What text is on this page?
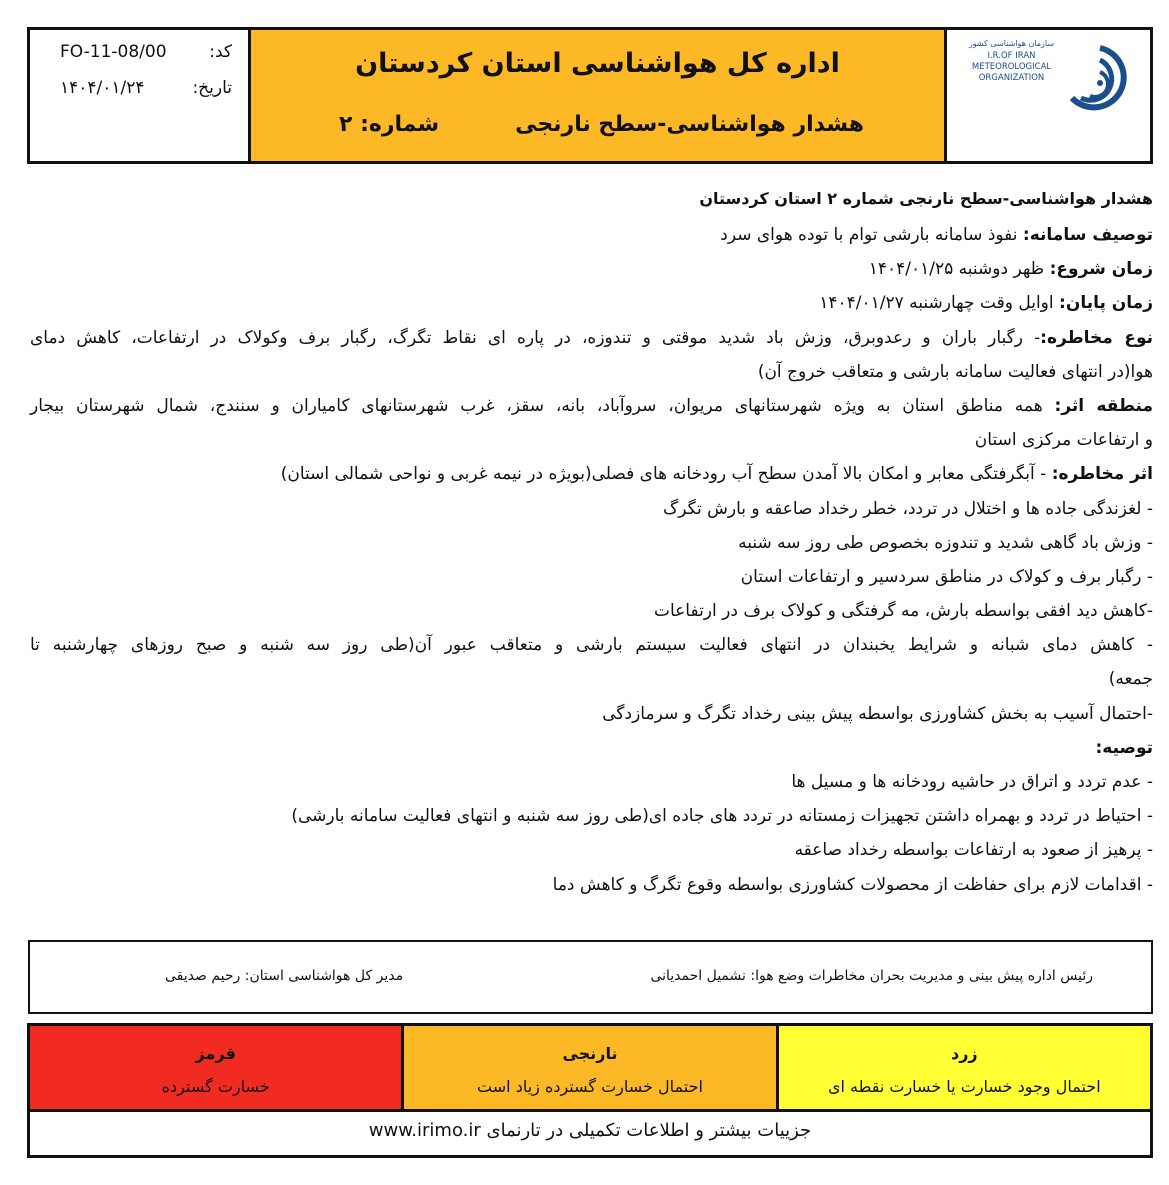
FO-11-08/00	کد:
۱۴۰۴/۰۱/۲۴	تاریخ:
اداره کل هواشناسی استان کردستان
هشدار هواشناسی-سطح نارنجی
شماره: ۲
سازمان هواشناسی کشور
I.R.OF IRAN
METEOROLOGICAL
ORGANIZATION
هشدار هواشناسی-سطح نارنجی شماره ۲ استان کردستان
توصیف سامانه: نفوذ سامانه بارشی توام با توده هوای سرد
زمان شروع: ظهر دوشنبه ۱۴۰۴/۰۱/۲۵
زمان پایان: اوایل وقت چهارشنبه ۱۴۰۴/۰۱/۲۷
نوع مخاطره:- رگبار باران و رعدوبرق، وزش باد شدید موقتی و تندوزه، در پاره ای نقاط تگرگ، رگبار برف وکولاک در ارتفاعات، کاهش دمای
هوا(در انتهای فعالیت سامانه بارشی و متعاقب خروج آن)
منطقه اثر: همه مناطق استان به ویژه شهرستانهای مریوان، سروآباد، بانه، سقز، غرب شهرستانهای کامیاران و سنندج، شمال شهرستان بیجار
و ارتفاعات مرکزی استان
اثر مخاطره: - آبگرفتگی معابر و امکان بالا آمدن سطح آب رودخانه های فصلی(بویژه در نیمه غربی و نواحی شمالی استان)
- لغزندگی جاده ها و اختلال در تردد، خطر رخداد صاعقه و بارش تگرگ
- وزش باد گاهی شدید و تندوزه بخصوص طی روز سه شنبه
- رگبار برف و کولاک در مناطق سردسیر و ارتفاعات استان
-کاهش دید افقی بواسطه بارش، مه گرفتگی و کولاک برف در ارتفاعات
- کاهش دمای شبانه و شرایط یخبندان در انتهای فعالیت سیستم بارشی و متعاقب عبور آن(طی روز سه شنبه و صبح روزهای چهارشنبه تا
جمعه)
-احتمال آسیب به بخش کشاورزی بواسطه پیش بینی رخداد تگرگ و سرمازدگی
توصیه:
- عدم تردد و اتراق در حاشیه رودخانه ها و مسیل ها
- احتیاط در تردد و بهمراه داشتن تجهیزات زمستانه در تردد های جاده ای(طی روز سه شنبه و انتهای فعالیت سامانه بارشی)
- پرهیز از صعود به ارتفاعات بواسطه رخداد صاعقه
- اقدامات لازم برای حفاظت از محصولات کشاورزی بواسطه وقوع تگرگ و کاهش دما
رئیس اداره پیش بینی و مدیریت بحران مخاطرات وضع هوا: نشمیل احمدیانی
مدیر کل هواشناسی استان: رحیم صدیقی
قرمز
خسارت گسترده
نارنجی
احتمال خسارت گسترده زیاد است
زرد
احتمال وجود خسارت یا خسارت نقطه ای
جزییات بیشتر و اطلاعات تکمیلی در تارنمای www.irimo.ir
